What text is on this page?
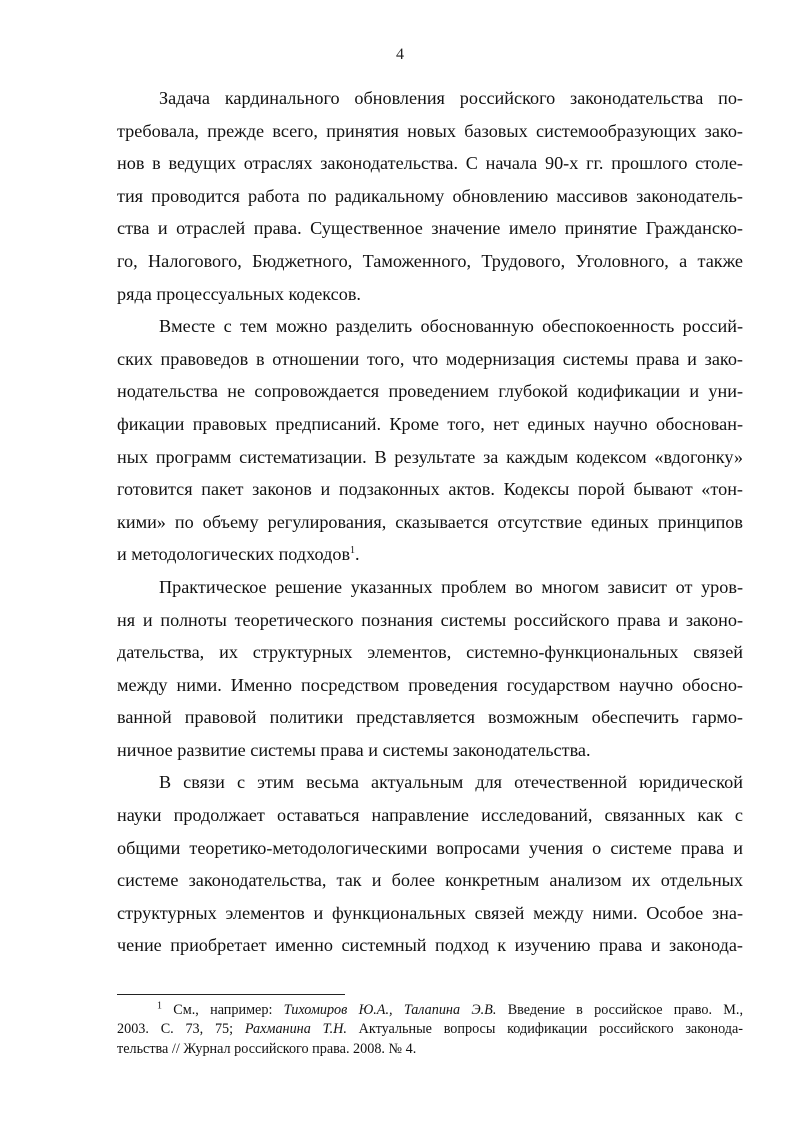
4

Задача кардинального обновления российского законодательства по-
требовала, прежде всего, принятия новых базовых системообразующих зако-
нов в ведущих отраслях законодательства. С начала 90-х гг. прошлого столе-
тия проводится работа по радикальному обновлению массивов законодатель-
ства и отраслей права. Существенное значение имело принятие Гражданско-
го, Налогового, Бюджетного, Таможенного, Трудового, Уголовного, а также
ряда процессуальных кодексов.

Вместе с тем можно разделить обоснованную обеспокоенность россий-
ских правоведов в отношении того, что модернизация системы права и зако-
нодательства не сопровождается проведением глубокой кодификации и уни-
фикации правовых предписаний. Кроме того, нет единых научно обоснован-
ных программ систематизации. В результате за каждым кодексом «вдогонку»
готовится пакет законов и подзаконных актов. Кодексы порой бывают «тон-
кими» по объему регулирования, сказывается отсутствие единых принципов
и методологических подходов$^1$.

Практическое решение указанных проблем во многом зависит от уров-
ня и полноты теоретического познания системы российского права и законо-
дательства, их структурных элементов, системно-функциональных связей
между ними. Именно посредством проведения государством научно обосно-
ванной правовой политики представляется возможным обеспечить гармо-
ничное развитие системы права и системы законодательства.

В связи с этим весьма актуальным для отечественной юридической
науки продолжает оставаться направление исследований, связанных как с
общими теоретико-методологическими вопросами учения о системе права и
системе законодательства, так и более конкретным анализом их отдельных
структурных элементов и функциональных связей между ними. Особое зна-
чение приобретает именно системный подход к изучению права и законода-

$^1$ См., например: Тихомиров Ю.А., Талапина Э.В. Введение в российское право. М.,
2003. С. 73, 75; Рахманина Т.Н. Актуальные вопросы кодификации российского законода-
тельства // Журнал российского права. 2008. № 4.
